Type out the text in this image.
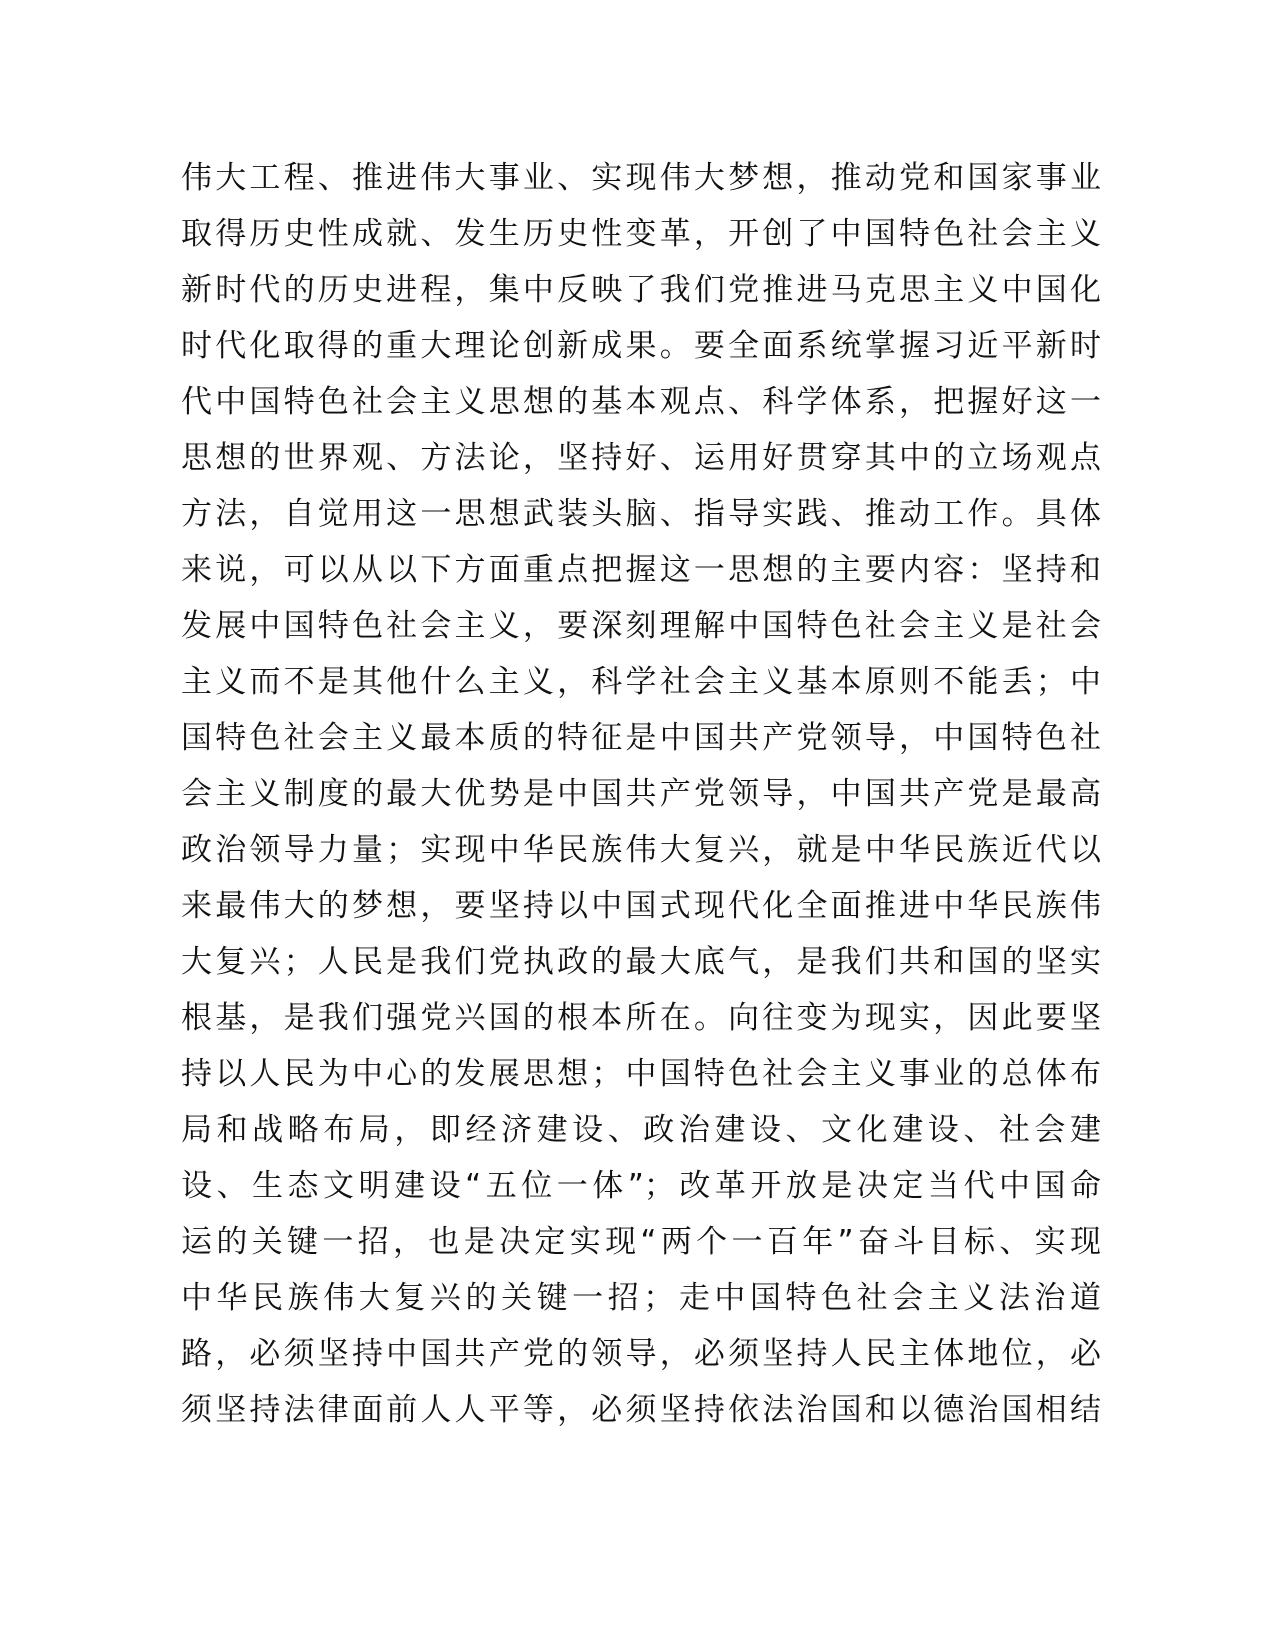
伟大工程、推进伟大事业、实现伟大梦想，推动党和国家事业
取得历史性成就、发生历史性变革，开创了中国特色社会主义
新时代的历史进程，集中反映了我们党推进马克思主义中国化
时代化取得的重大理论创新成果。要全面系统掌握习近平新时
代中国特色社会主义思想的基本观点、科学体系，把握好这一
思想的世界观、方法论，坚持好、运用好贯穿其中的立场观点
方法，自觉用这一思想武装头脑、指导实践、推动工作。具体
来说，可以从以下方面重点把握这一思想的主要内容：坚持和
发展中国特色社会主义，要深刻理解中国特色社会主义是社会
主义而不是其他什么主义，科学社会主义基本原则不能丢；中
国特色社会主义最本质的特征是中国共产党领导，中国特色社
会主义制度的最大优势是中国共产党领导，中国共产党是最高
政治领导力量；实现中华民族伟大复兴，就是中华民族近代以
来最伟大的梦想，要坚持以中国式现代化全面推进中华民族伟
大复兴；人民是我们党执政的最大底气，是我们共和国的坚实
根基，是我们强党兴国的根本所在。向往变为现实，因此要坚
持以人民为中心的发展思想；中国特色社会主义事业的总体布
局和战略布局，即经济建设、政治建设、文化建设、社会建
设、生态文明建设“五位一体”；改革开放是决定当代中国命
运的关键一招，也是决定实现“两个一百年”奋斗目标、实现
中华民族伟大复兴的关键一招；走中国特色社会主义法治道
路，必须坚持中国共产党的领导，必须坚持人民主体地位，必
须坚持法律面前人人平等，必须坚持依法治国和以德治国相结
